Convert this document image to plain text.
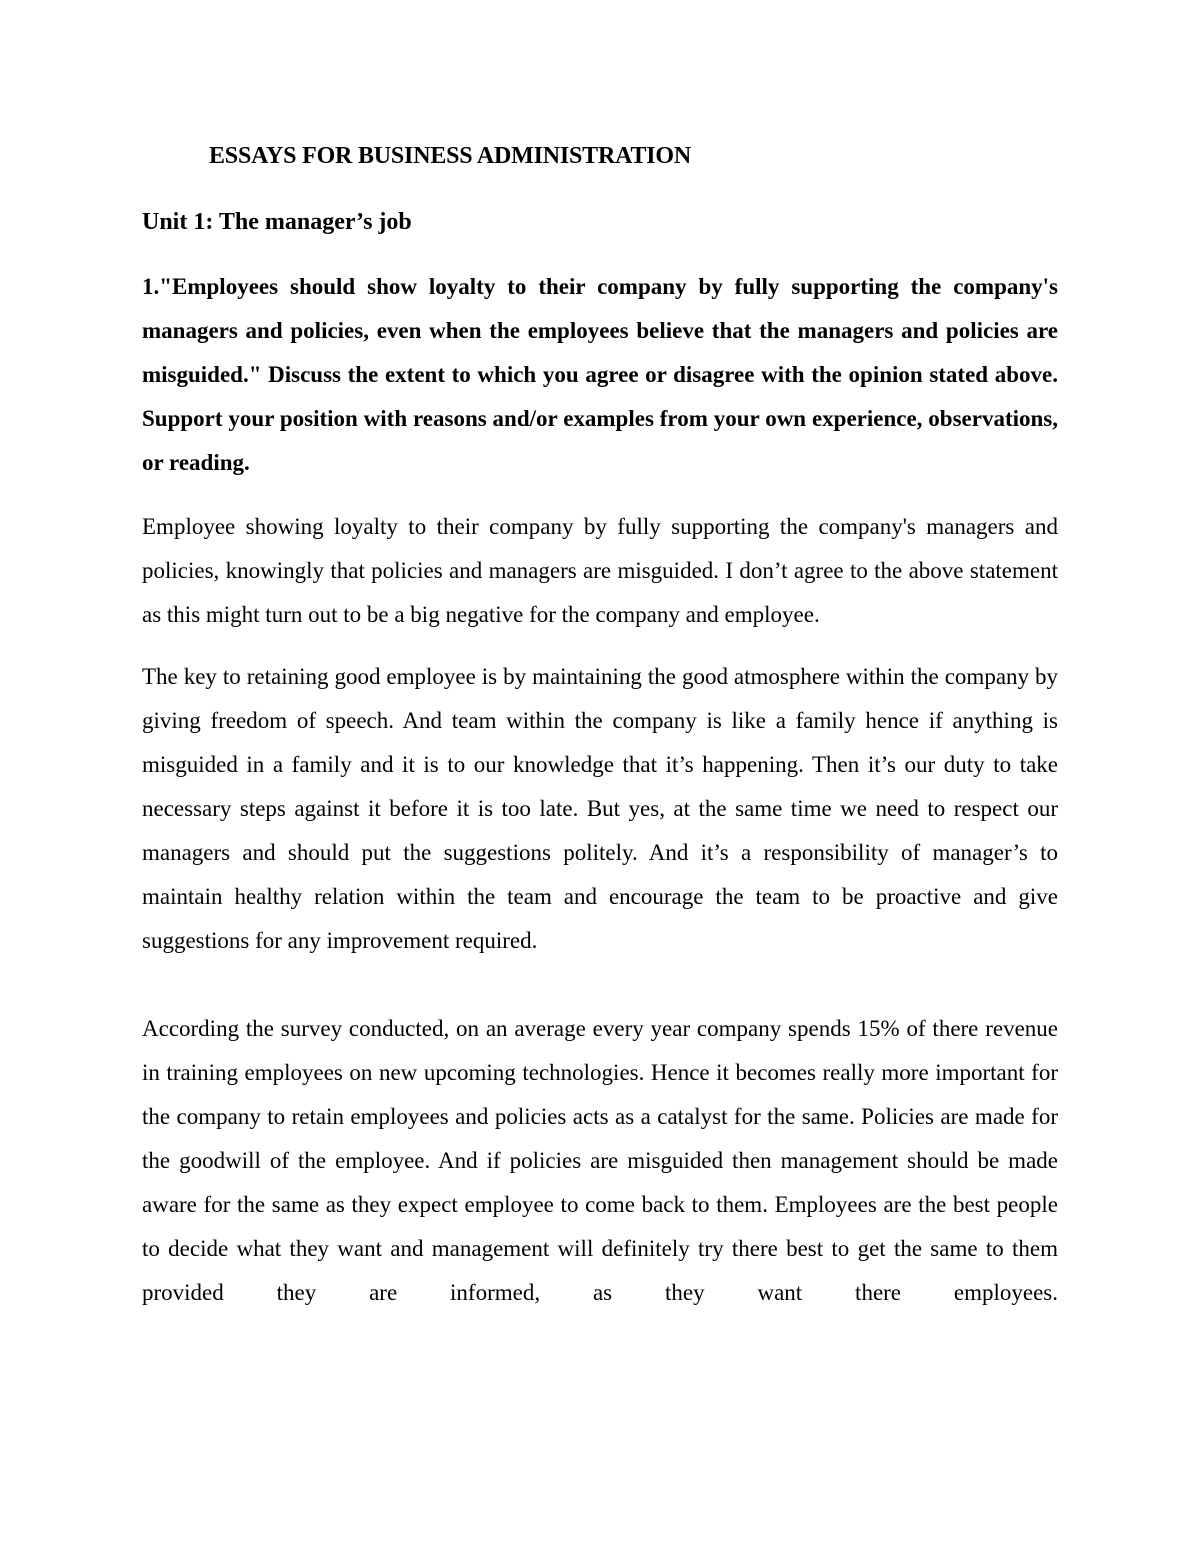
ESSAYS FOR BUSINESS ADMINISTRATION
Unit 1: The manager’s job

1."Employees should show loyalty to their company by fully supporting the company's managers and policies, even when the employees believe that the managers and policies are misguided." Discuss the extent to which you agree or disagree with the opinion stated above. Support your position with reasons and/or examples from your own experience, observations, or reading.

Employee showing loyalty to their company by fully supporting the company's managers and policies, knowingly that policies and managers are misguided. I don’t agree to the above statement as this might turn out to be a big negative for the company and employee.

The key to retaining good employee is by maintaining the good atmosphere within the company by giving freedom of speech. And team within the company is like a family hence if anything is misguided in a family and it is to our knowledge that it’s happening. Then it’s our duty to take necessary steps against it before it is too late. But yes, at the same time we need to respect our managers and should put the suggestions politely. And it’s a responsibility of manager’s to maintain healthy relation within the team and encourage the team to be proactive and give suggestions for any improvement required.

According the survey conducted, on an average every year company spends 15% of there revenue in training employees on new upcoming technologies. Hence it becomes really more important for the company to retain employees and policies acts as a catalyst for the same. Policies are made for the goodwill of the employee. And if policies are misguided then management should be made aware for the same as they expect employee to come back to them. Employees are the best people to decide what they want and management will definitely try there best to get the same to them provided they are informed, as they want there employees.
